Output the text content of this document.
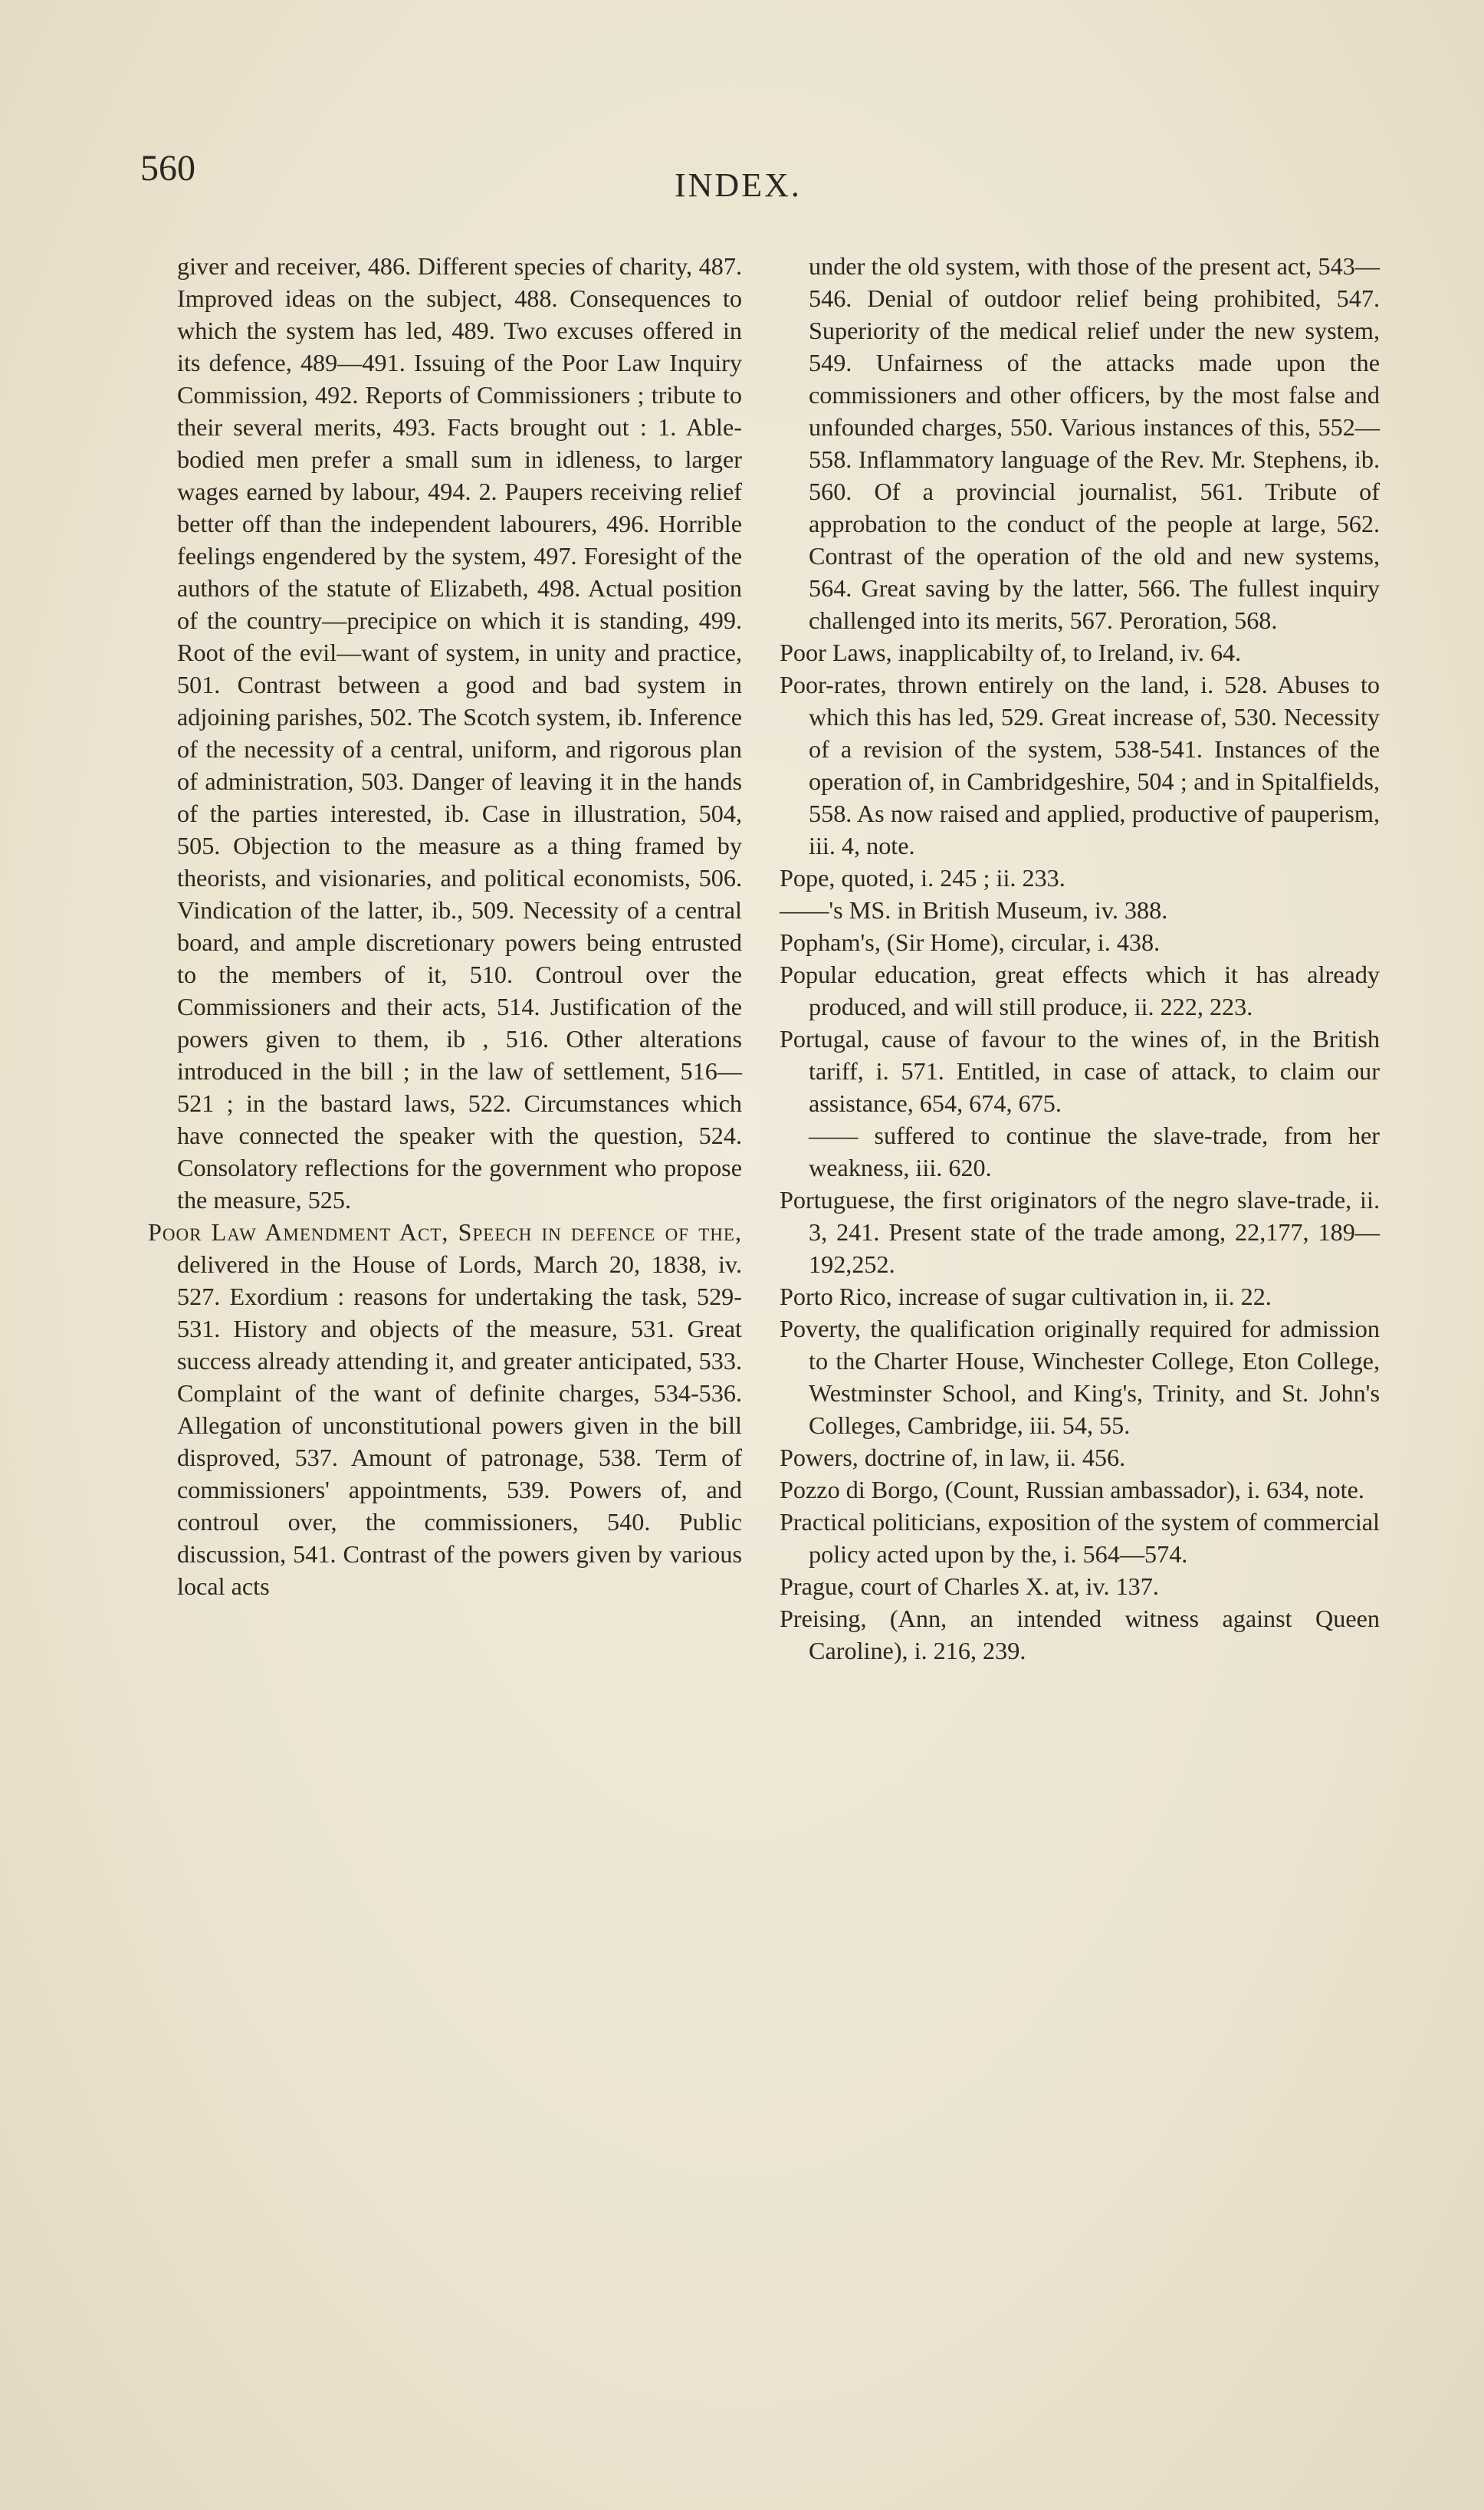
560	INDEX.

giver and receiver, 486. Different species of charity, 487. Improved ideas on the subject, 488. Consequences to which the system has led, 489. Two excuses offered in its defence, 489—491. Issuing of the Poor Law Inquiry Commission, 492. Reports of Commissioners ; tribute to their several merits, 493. Facts brought out : 1. Able-bodied men prefer a small sum in idleness, to larger wages earned by labour, 494. 2. Paupers receiving relief better off than the independent labourers, 496. Horrible feelings engendered by the system, 497. Foresight of the authors of the statute of Elizabeth, 498. Actual position of the country—precipice on which it is standing, 499. Root of the evil—want of system, in unity and practice, 501. Contrast between a good and bad system in adjoining parishes, 502. The Scotch system, ib. Inference of the necessity of a central, uniform, and rigorous plan of administration, 503. Danger of leaving it in the hands of the parties interested, ib. Case in illustration, 504, 505. Objection to the measure as a thing framed by theorists, and visionaries, and political economists, 506. Vindication of the latter, ib., 509. Necessity of a central board, and ample discretionary powers being entrusted to the members of it, 510. Controul over the Commissioners and their acts, 514. Justification of the powers given to them, ib , 516. Other alterations introduced in the bill ; in the law of settlement, 516—521 ; in the bastard laws, 522. Circumstances which have connected the speaker with the question, 524. Consolatory reflections for the government who propose the measure, 525.

Poor Law Amendment Act, Speech in defence of the, delivered in the House of Lords, March 20, 1838, iv. 527. Exordium : reasons for undertaking the task, 529-531. History and objects of the measure, 531. Great success already attending it, and greater anticipated, 533. Complaint of the want of definite charges, 534-536. Allegation of unconstitutional powers given in the bill disproved, 537. Amount of patronage, 538. Term of commissioners' appointments, 539. Powers of, and controul over, the commissioners, 540. Public discussion, 541. Contrast of the powers given by various local acts

under the old system, with those of the present act, 543—546. Denial of outdoor relief being prohibited, 547. Superiority of the medical relief under the new system, 549. Unfairness of the attacks made upon the commissioners and other officers, by the most false and unfounded charges, 550. Various instances of this, 552—558. Inflammatory language of the Rev. Mr. Stephens, ib. 560. Of a provincial journalist, 561. Tribute of approbation to the conduct of the people at large, 562. Contrast of the operation of the old and new systems, 564. Great saving by the latter, 566. The fullest inquiry challenged into its merits, 567. Peroration, 568.

Poor Laws, inapplicabilty of, to Ireland, iv. 64.

Poor-rates, thrown entirely on the land, i. 528. Abuses to which this has led, 529. Great increase of, 530. Necessity of a revision of the system, 538-541. Instances of the operation of, in Cambridgeshire, 504 ; and in Spitalfields, 558. As now raised and applied, productive of pauperism, iii. 4, note.

Pope, quoted, i. 245 ; ii. 233.

——'s MS. in British Museum, iv. 388.

Popham's, (Sir Home), circular, i. 438.

Popular education, great effects which it has already produced, and will still produce, ii. 222, 223.

Portugal, cause of favour to the wines of, in the British tariff, i. 571. Entitled, in case of attack, to claim our assistance, 654, 674, 675.

—— suffered to continue the slave-trade, from her weakness, iii. 620.

Portuguese, the first originators of the negro slave-trade, ii. 3, 241. Present state of the trade among, 22,177, 189—192,252.

Porto Rico, increase of sugar cultivation in, ii. 22.

Poverty, the qualification originally required for admission to the Charter House, Winchester College, Eton College, Westminster School, and King's, Trinity, and St. John's Colleges, Cambridge, iii. 54, 55.

Powers, doctrine of, in law, ii. 456.

Pozzo di Borgo, (Count, Russian ambassador), i. 634, note.

Practical politicians, exposition of the system of commercial policy acted upon by the, i. 564—574.

Prague, court of Charles X. at, iv. 137.

Preising, (Ann, an intended witness against Queen Caroline), i. 216, 239.
